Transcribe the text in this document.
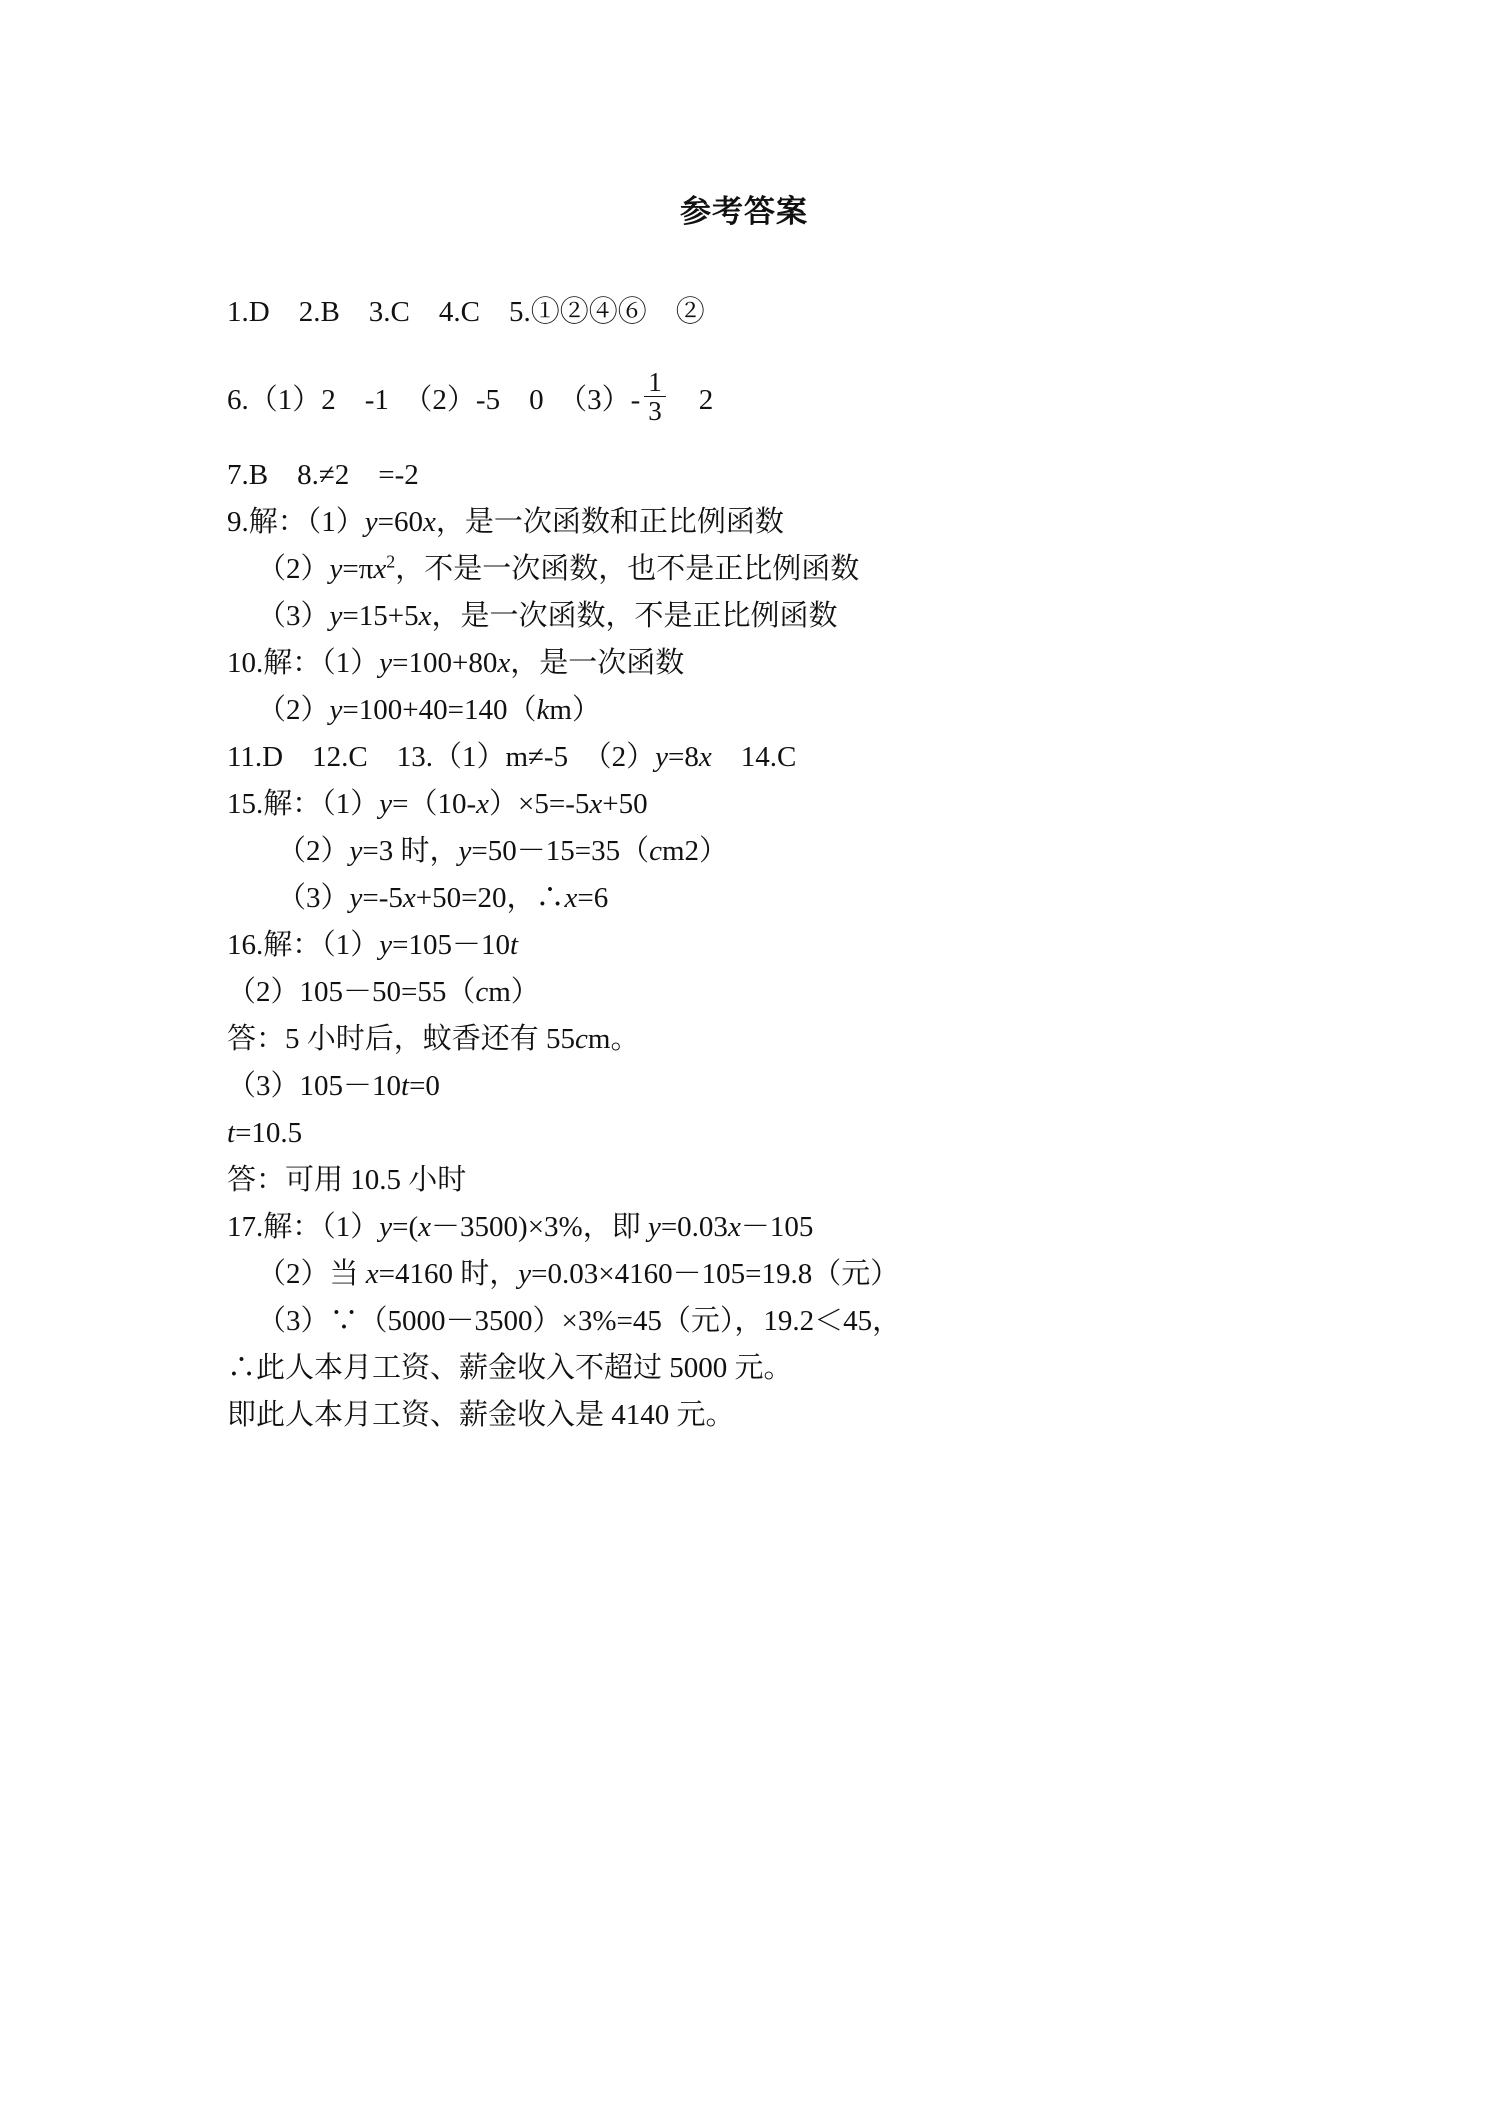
参考答案
1.D　2.B　3.C　4.C　5.①②④⑥　②
6.（1）2　-1　（2）-5　0　$(3)- \frac{1}{3}$ 　2
7.B　8.≠2　=-2
9.解：（1）y=60x，是一次函数和正比例函数
$(2)y=\pi x^2$，不是一次函数，也不是正比例函数
（3）y=15+5x，是一次函数，不是正比例函数
10.解：（1）y=100+80x，是一次函数
（2）y=100+40=140（km）
11.D　12.C　13.（1）m≠-5　（2）y=8x　14.C
15.解：（1）y=（10-x）×5=-5x+50
（2）y=3 时，y=50－15=35（cm2）
（3）y=-5x+50=20，∴x=6
16.解：（1）y=105－10t
（2）105－50=55（cm）
答：5 小时后，蚊香还有 55cm。
（3）105－10t=0
t=10.5
答：可用 10.5 小时
17.解：（1）y=(x－3500)×3%，即 y=0.03x－105
（2）当 x=4160 时，y=0.03×4160－105=19.8（元）
（3）∵（5000－3500）×3%=45（元），19.2＜45，
∴此人本月工资、薪金收入不超过 5000 元。
即此人本月工资、薪金收入是 4140 元。
